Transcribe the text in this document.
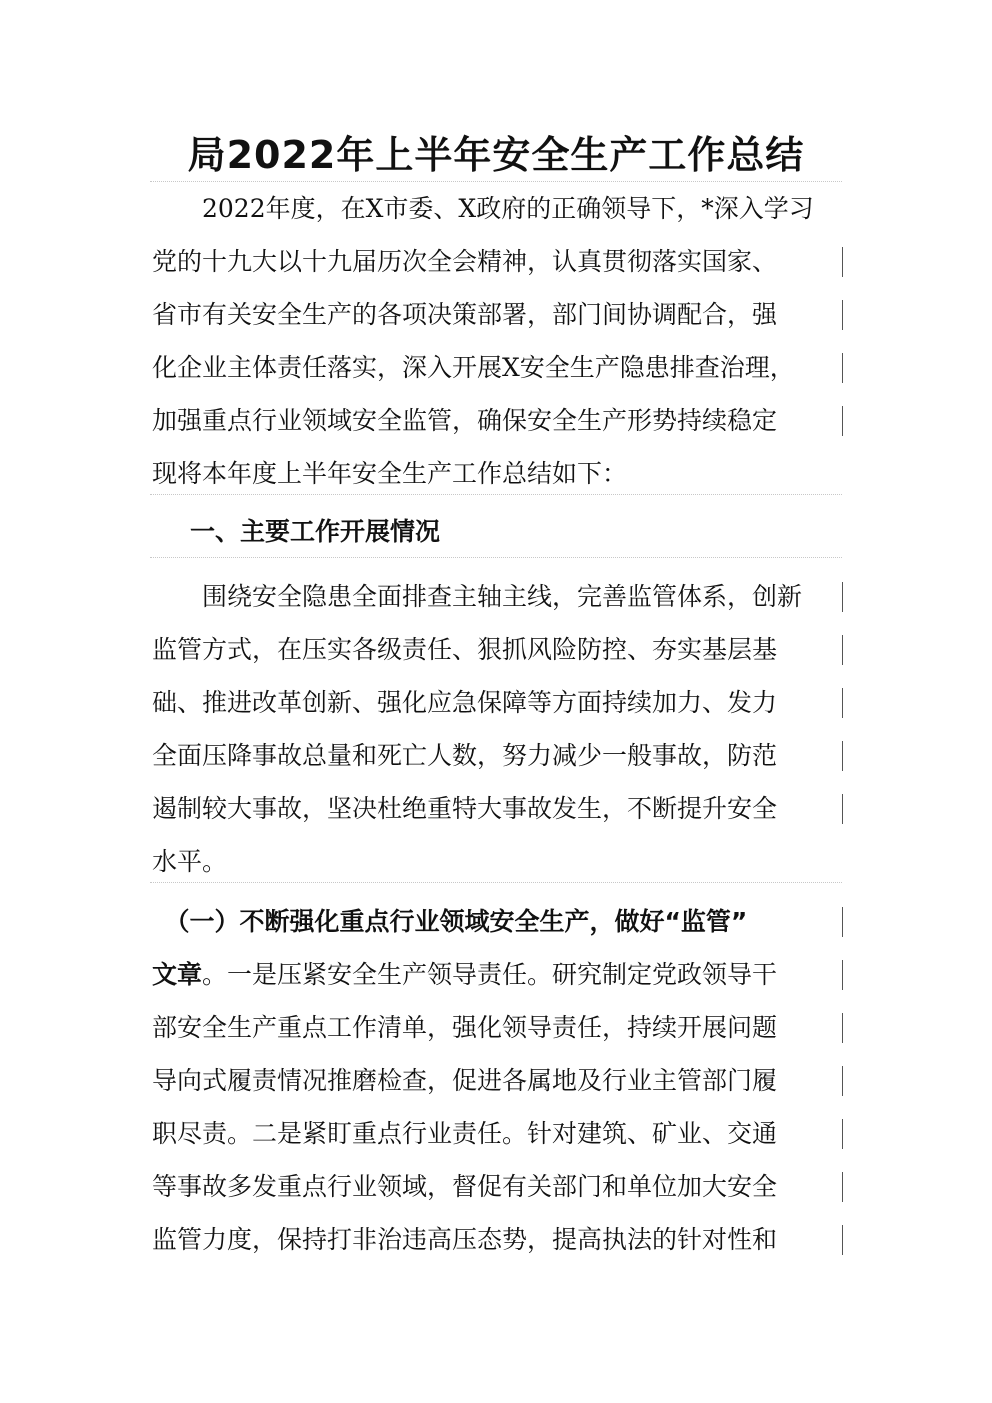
局2022年上半年安全生产工作总结
　　2022年度，在X市委、X政府的正确领导下，*深入学习
党的十九大以十九届历次全会精神，认真贯彻落实国家、
省市有关安全生产的各项决策部署，部门间协调配合，强
化企业主体责任落实，深入开展X安全生产隐患排查治理，
加强重点行业领域安全监管，确保安全生产形势持续稳定
现将本年度上半年安全生产工作总结如下：
一、主要工作开展情况
　　围绕安全隐患全面排查主轴主线，完善监管体系，创新
监管方式，在压实各级责任、狠抓风险防控、夯实基层基
础、推进改革创新、强化应急保障等方面持续加力、发力
全面压降事故总量和死亡人数，努力减少一般事故，防范
遏制较大事故，坚决杜绝重特大事故发生，不断提升安全
水平。
　（一）不断强化重点行业领域安全生产，做好“监管”
文章。一是压紧安全生产领导责任。研究制定党政领导干
部安全生产重点工作清单，强化领导责任，持续开展问题
导向式履责情况推磨检查，促进各属地及行业主管部门履
职尽责。二是紧盯重点行业责任。针对建筑、矿业、交通
等事故多发重点行业领域，督促有关部门和单位加大安全
监管力度，保持打非治违高压态势，提高执法的针对性和
